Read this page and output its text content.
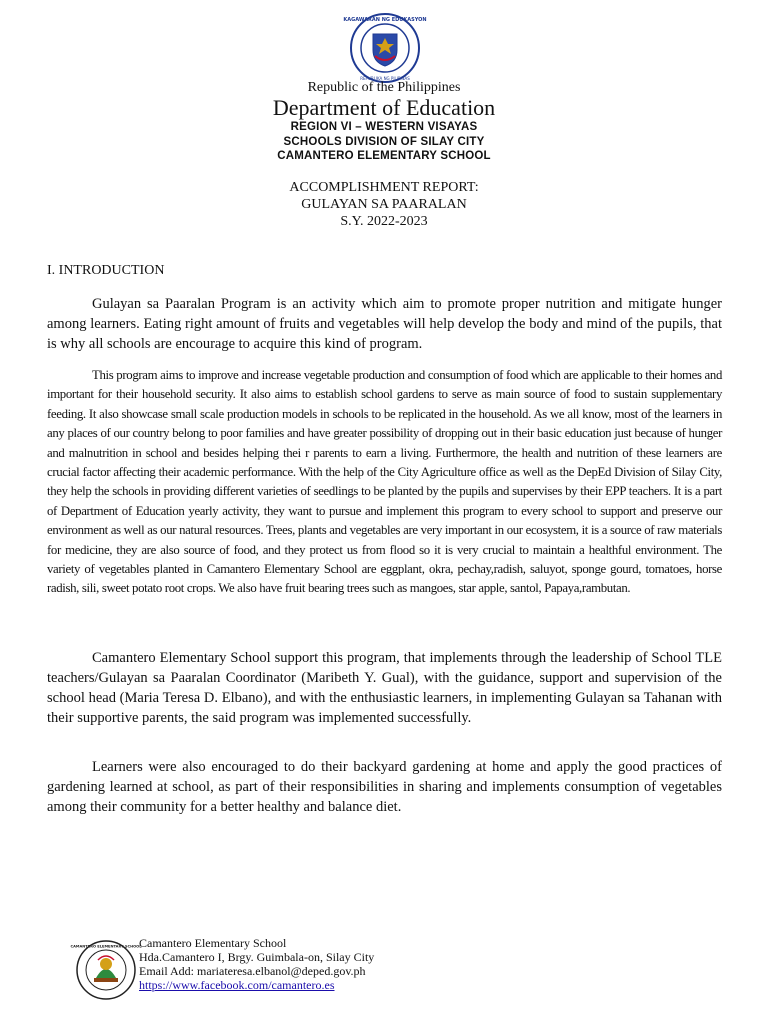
KAGAWARAN NG EDUKASYON
REPUBLIKA NG PILIPINAS
Republic of the Philippines
Department of Education
REGION VI – WESTERN VISAYAS
SCHOOLS DIVISION OF SILAY CITY
CAMANTERO ELEMENTARY SCHOOL
ACCOMPLISHMENT REPORT:
GULAYAN SA PAARALAN
S.Y. 2022-2023
I. INTRODUCTION

Gulayan sa Paaralan Program is an activity which aim to promote proper nutrition and mitigate hunger among learners. Eating right amount of fruits and vegetables will help develop the body and mind of the pupils, that is why all schools are encourage to acquire this kind of program.

This program aims to improve and increase vegetable production and consumption of food which are applicable to their homes and important for their household security. It also aims to establish school gardens to serve as main source of food to sustain supplementary feeding. It also showcase small scale production models in schools to be replicated in the household. As we all know, most of the learners in any places of our country belong to poor families and have greater possibility of dropping out in their basic education just because of hunger and malnutrition in school and besides helping thei r parents to earn a living. Furthermore, the health and nutrition of these learners are crucial factor affecting their academic performance. With the help of the City Agriculture office as well as the DepEd Division of Silay City, they help the schools in providing different varieties of seedlings to be planted by the pupils and supervises by their EPP teachers. It is a part of Department of Education yearly activity, they want to pursue and implement this program to every school to support and preserve our environment as well as our natural resources. Trees, plants and vegetables are very important in our ecosystem, it is a source of raw materials for medicine, they are also source of food, and they protect us from flood so it is very crucial to maintain a healthful environment. The variety of vegetables planted in Camantero Elementary School are eggplant, okra, pechay,radish, saluyot, sponge gourd, tomatoes, horse radish, sili, sweet potato root crops. We also have fruit bearing trees such as mangoes, star apple, santol, Papaya,rambutan.

Camantero Elementary School support this program, that implements through the leadership of School TLE teachers/Gulayan sa Paaralan Coordinator (Maribeth Y. Gual), with the guidance, support and supervision of the school head (Maria Teresa D. Elbano), and with the enthusiastic learners, in implementing Gulayan sa Tahanan with their supportive parents, the said program was implemented successfully.

Learners were also encouraged to do their backyard gardening at home and apply the good practices of gardening learned at school, as part of their responsibilities in sharing and implements consumption of vegetables among their community for a better healthy and balance diet.

CAMANTERO ELEMENTARY SCHOOL
Camantero Elementary School
Hda.Camantero I, Brgy. Guimbala-on, Silay City
Email Add: mariateresa.elbanol@deped.gov.ph
https://www.facebook.com/camantero.es
